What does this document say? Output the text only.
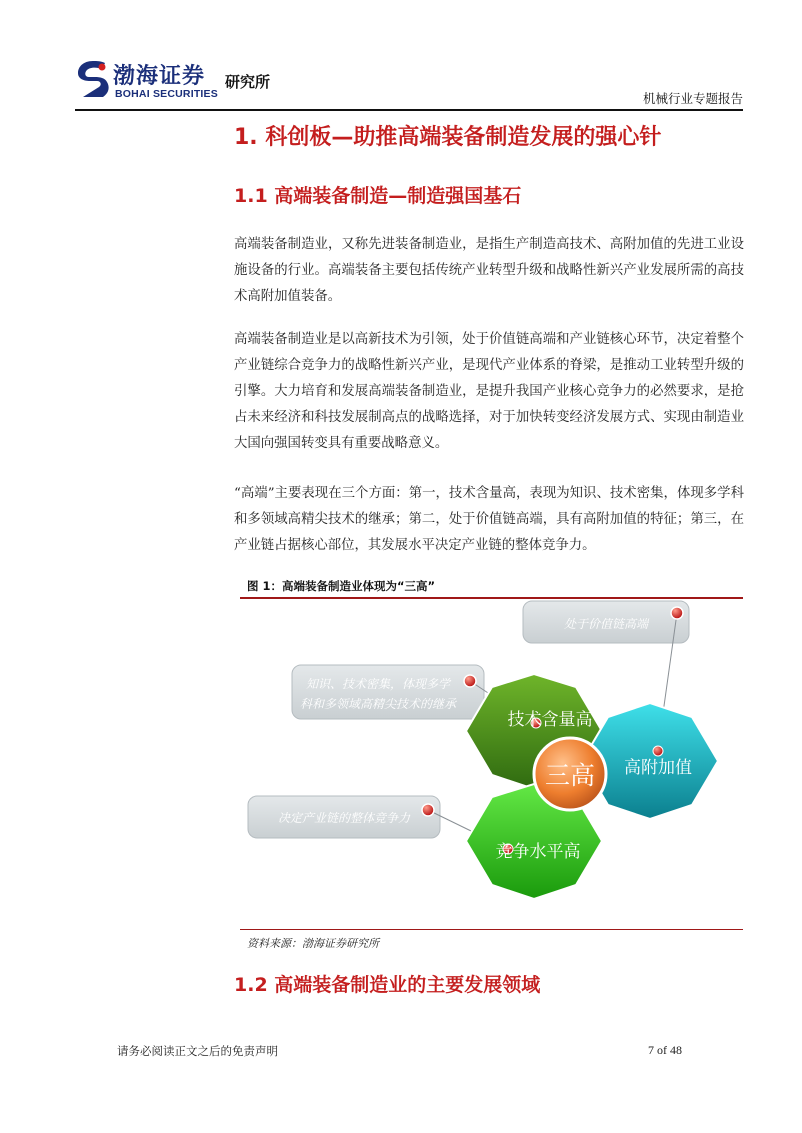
渤海证券
BOHAI SECURITIES
研究所
机械行业专题报告
1. 科创板—助推高端装备制造发展的强心针
1.1 高端装备制造—制造强国基石
高端装备制造业，又称先进装备制造业，是指生产制造高技术、高附加值的先进工业设施设备的行业。高端装备主要包括传统产业转型升级和战略性新兴产业发展所需的高技术高附加值装备。
高端装备制造业是以高新技术为引领，处于价值链高端和产业链核心环节，决定着整个产业链综合竞争力的战略性新兴产业，是现代产业体系的脊梁，是推动工业转型升级的引擎。大力培育和发展高端装备制造业，是提升我国产业核心竞争力的必然要求，是抢占未来经济和科技发展制高点的战略选择，对于加快转变经济发展方式、实现由制造业大国向强国转变具有重要战略意义。
“高端”主要表现在三个方面：第一，技术含量高，表现为知识、技术密集，体现多学科和多领域高精尖技术的继承；第二，处于价值链高端，具有高附加值的特征；第三，在产业链占据核心部位，其发展水平决定产业链的整体竞争力。
图 1：高端装备制造业体现为“三高”
处于价值链高端
知识、技术密集，体现多学
科和多领域高精尖技术的继承
决定产业链的整体竞争力
技术含量高
高附加值
竞争水平高
三高
资料来源：渤海证券研究所
1.2 高端装备制造业的主要发展领域
请务必阅读正文之后的免责声明	7 of 48
